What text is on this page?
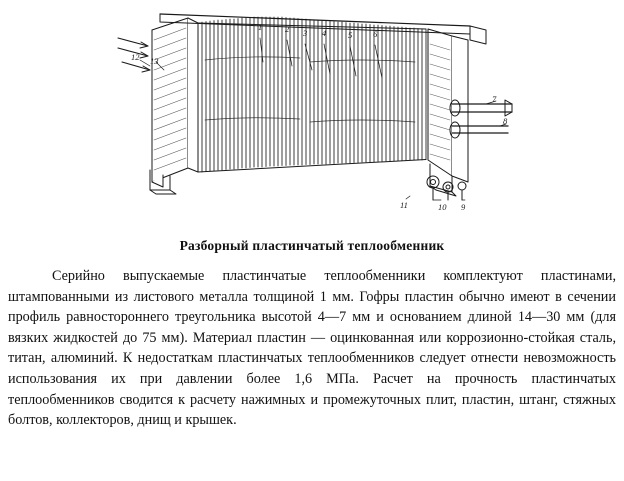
1	2 3 4	5 6
7
8
9
10
11
12 13
Разборный пластинчатый теплообменник

Серийно выпускаемые пластинчатые теплообменники комплектуют пластинами, штампованными из листового металла толщиной 1 мм. Гофры пластин обычно имеют в сечении профиль равностороннего треугольника высотой 4—7 мм и основанием длиной 14—30 мм (для вязких жидкостей до 75 мм). Материал пластин — оцинкованная или коррозионно-стойкая сталь, титан, алюминий. К недостаткам пластинчатых теплообменников следует отнести невозможность использования их при давлении более 1,6 МПа. Расчет на прочность пластинчатых теплообменников сводится к расчету нажимных и промежуточных плит, пластин, штанг, стяжных болтов, коллекторов, днищ и крышек.
